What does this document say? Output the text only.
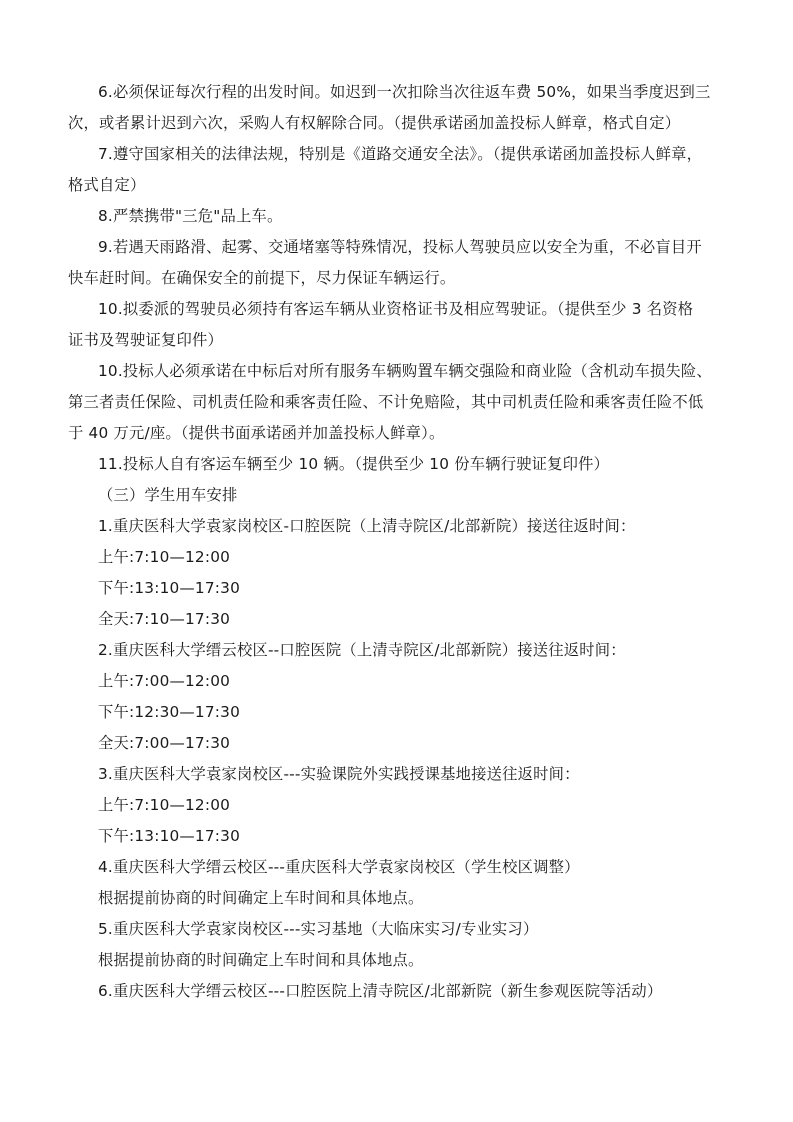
6.必须保证每次行程的出发时间。如迟到一次扣除当次往返车费 50%，如果当季度迟到三
次，或者累计迟到六次，采购人有权解除合同。（提供承诺函加盖投标人鲜章，格式自定）
7.遵守国家相关的法律法规，特别是《道路交通安全法》。（提供承诺函加盖投标人鲜章，
格式自定）
8.严禁携带"三危"品上车。
9.若遇天雨路滑、起雾、交通堵塞等特殊情况，投标人驾驶员应以安全为重，不必盲目开
快车赶时间。在确保安全的前提下，尽力保证车辆运行。
10.拟委派的驾驶员必须持有客运车辆从业资格证书及相应驾驶证。（提供至少 3 名资格
证书及驾驶证复印件）
10.投标人必须承诺在中标后对所有服务车辆购置车辆交强险和商业险（含机动车损失险、
第三者责任保险、司机责任险和乘客责任险、不计免赔险，其中司机责任险和乘客责任险不低
于 40 万元/座。（提供书面承诺函并加盖投标人鲜章）。
11.投标人自有客运车辆至少 10 辆。（提供至少 10 份车辆行驶证复印件）
（三）学生用车安排
1.重庆医科大学袁家岗校区-口腔医院（上清寺院区/北部新院）接送往返时间：
上午:7:10—12:00
下午:13:10—17:30
全天:7:10—17:30
2.重庆医科大学缙云校区--口腔医院（上清寺院区/北部新院）接送往返时间：
上午:7:00—12:00
下午:12:30—17:30
全天:7:00—17:30
3.重庆医科大学袁家岗校区---实验课院外实践授课基地接送往返时间：
上午:7:10—12:00
下午:13:10—17:30
4.重庆医科大学缙云校区---重庆医科大学袁家岗校区（学生校区调整）
根据提前协商的时间确定上车时间和具体地点。
5.重庆医科大学袁家岗校区---实习基地（大临床实习/专业实习）
根据提前协商的时间确定上车时间和具体地点。
6.重庆医科大学缙云校区---口腔医院上清寺院区/北部新院（新生参观医院等活动）
